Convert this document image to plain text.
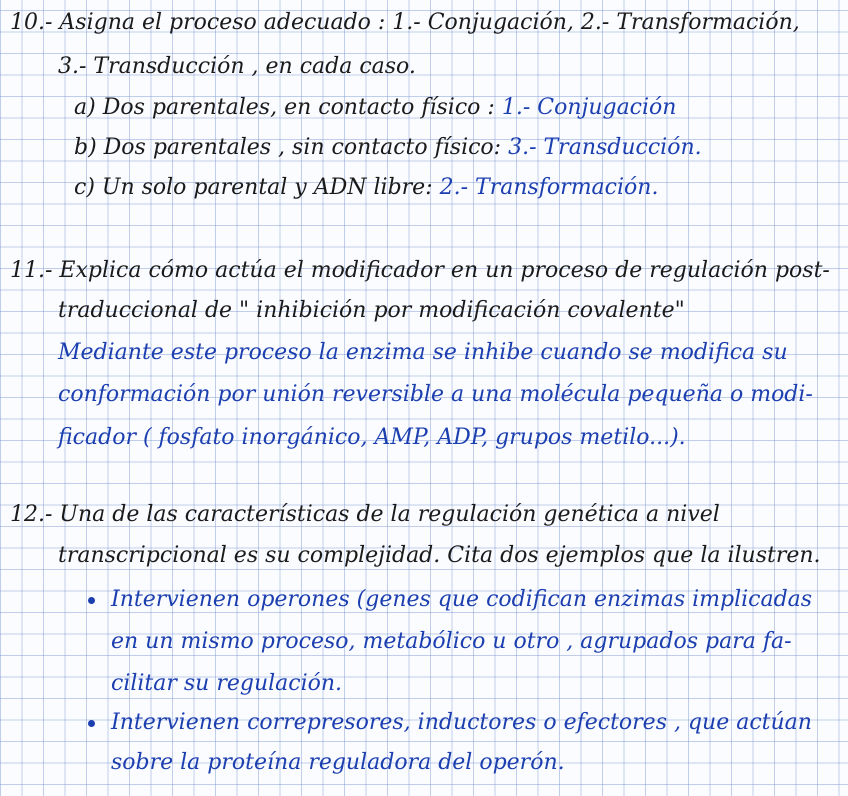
10.- Asigna el proceso adecuado : 1.- Conjugación, 2.- Transformación,
3.- Transducción , en cada caso.
a) Dos parentales, en contacto físico : 1.- Conjugación
b) Dos parentales , sin contacto físico: 3.- Transducción.
c) Un solo parental y ADN libre: 2.- Transformación.
11.- Explica cómo actúa el modificador en un proceso de regulación post-
traduccional de " inhibición por modificación covalente"
Mediante este proceso la enzima se inhibe cuando se modifica su
conformación por unión reversible a una molécula pequeña o modi-
ficador ( fosfato inorgánico, AMP, ADP, grupos metilo...).
12.- Una de las características de la regulación genética a nivel
transcripcional es su complejidad. Cita dos ejemplos que la ilustren.
Intervienen operones (genes que codifican enzimas implicadas
en un mismo proceso, metabólico u otro , agrupados para fa-
cilitar su regulación.
Intervienen correpresores, inductores o efectores , que actúan
sobre la proteína reguladora del operón.
